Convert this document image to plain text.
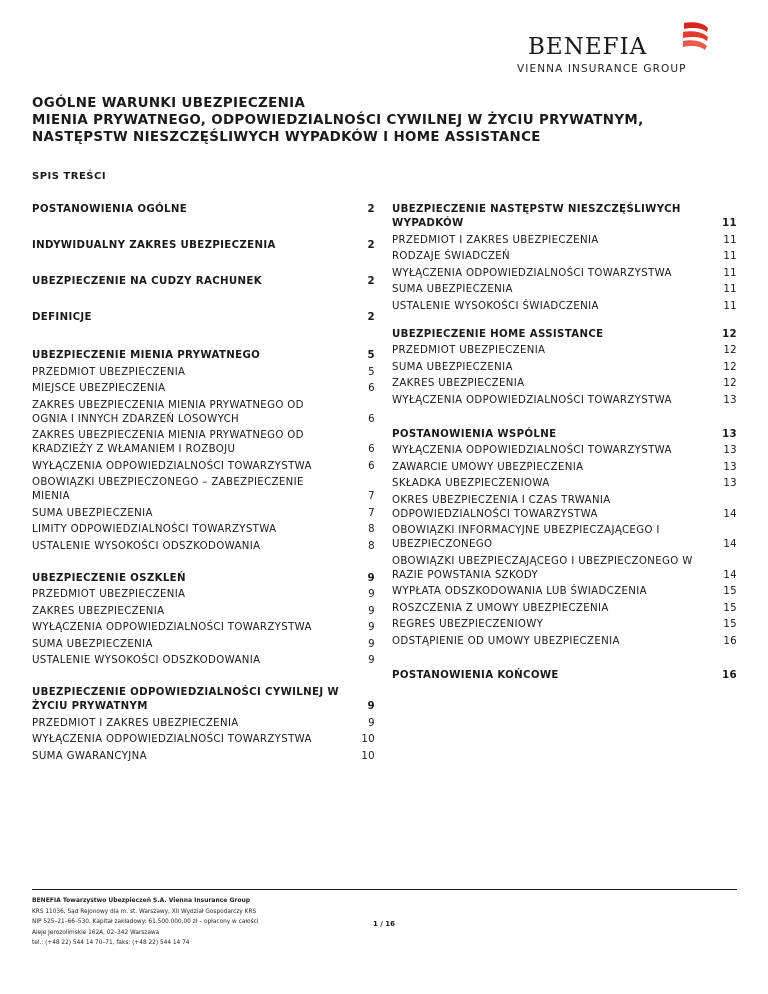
BENEFIA
VIENNA INSURANCE GROUP
OGÓLNE WARUNKI UBEZPIECZENIA
MIENIA PRYWATNEGO, ODPOWIEDZIALNOŚCI CYWILNEJ W ŻYCIU PRYWATNYM,
NASTĘPSTW NIESZCZĘŚLIWYCH WYPADKÓW I HOME ASSISTANCE
SPIS TREŚCI
POSTANOWIENIA OGÓLNE	2
INDYWIDUALNY ZAKRES UBEZPIECZENIA	2
UBEZPIECZENIE NA CUDZY RACHUNEK	2
DEFINICJE	2
UBEZPIECZENIE MIENIA PRYWATNEGO	5
PRZEDMIOT UBEZPIECZENIA	5
MIEJSCE UBEZPIECZENIA	6
ZAKRES UBEZPIECZENIA MIENIA PRYWATNEGO OD OGNIA I INNYCH ZDARZEŃ LOSOWYCH	6
ZAKRES UBEZPIECZENIA MIENIA PRYWATNEGO OD KRADZIEŻY Z WŁAMANIEM I ROZBOJU	6
WYŁĄCZENIA ODPOWIEDZIALNOŚCI TOWARZYSTWA	6
OBOWIĄZKI UBEZPIECZONEGO – ZABEZPIECZENIE MIENIA	7
SUMA UBEZPIECZENIA	7
LIMITY ODPOWIEDZIALNOŚCI TOWARZYSTWA	8
USTALENIE WYSOKOŚCI ODSZKODOWANIA	8
UBEZPIECZENIE OSZKLEŃ	9
PRZEDMIOT UBEZPIECZENIA	9
ZAKRES UBEZPIECZENIA	9
WYŁĄCZENIA ODPOWIEDZIALNOŚCI TOWARZYSTWA	9
SUMA UBEZPIECZENIA	9
USTALENIE WYSOKOŚCI ODSZKODOWANIA	9
UBEZPIECZENIE ODPOWIEDZIALNOŚCI CYWILNEJ W ŻYCIU PRYWATNYM	9
PRZEDMIOT I ZAKRES UBEZPIECZENIA	9
WYŁĄCZENIA ODPOWIEDZIALNOŚCI TOWARZYSTWA	10
SUMA GWARANCYJNA	10
UBEZPIECZENIE NASTĘPSTW NIESZCZĘŚLIWYCH WYPADKÓW	11
PRZEDMIOT I ZAKRES UBEZPIECZENIA	11
RODZAJE ŚWIADCZEŃ	11
WYŁĄCZENIA ODPOWIEDZIALNOŚCI TOWARZYSTWA	11
SUMA UBEZPIECZENIA	11
USTALENIE WYSOKOŚCI ŚWIADCZENIA	11
UBEZPIECZENIE HOME ASSISTANCE	12
PRZEDMIOT UBEZPIECZENIA	12
SUMA UBEZPIECZENIA	12
ZAKRES UBEZPIECZENIA	12
WYŁĄCZENIA ODPOWIEDZIALNOŚCI TOWARZYSTWA	13
POSTANOWIENIA WSPÓLNE	13
WYŁĄCZENIA ODPOWIEDZIALNOŚCI TOWARZYSTWA	13
ZAWARCIE UMOWY UBEZPIECZENIA	13
SKŁADKA UBEZPIECZENIOWA	13
OKRES UBEZPIECZENIA I CZAS TRWANIA ODPOWIEDZIALNOŚCI TOWARZYSTWA	14
OBOWIĄZKI INFORMACYJNE UBEZPIECZAJĄCEGO I UBEZPIECZONEGO	14
OBOWIĄZKI UBEZPIECZAJĄCEGO I UBEZPIECZONEGO W RAZIE POWSTANIA SZKODY	14
WYPŁATA ODSZKODOWANIA LUB ŚWIADCZENIA	15
ROSZCZENIA Z UMOWY UBEZPIECZENIA	15
REGRES UBEZPIECZENIOWY	15
ODSTĄPIENIE OD UMOWY UBEZPIECZENIA	16
POSTANOWIENIA KOŃCOWE	16
BENEFIA Towarzystwo Ubezpieczeń S.A. Vienna Insurance Group
KRS 11036, Sąd Rejonowy dla m. st. Warszawy, XII Wydział Gospodarczy KRS
NIP 525–21–66–530, Kapitał zakładowy: 61.500.000,00 zł – opłacony w całości
Aleje Jerozolimskie 162A, 02–342 Warszawa
tel.: (+48 22) 544 14 70–71, faks: (+48 22) 544 14 74
1 / 16
